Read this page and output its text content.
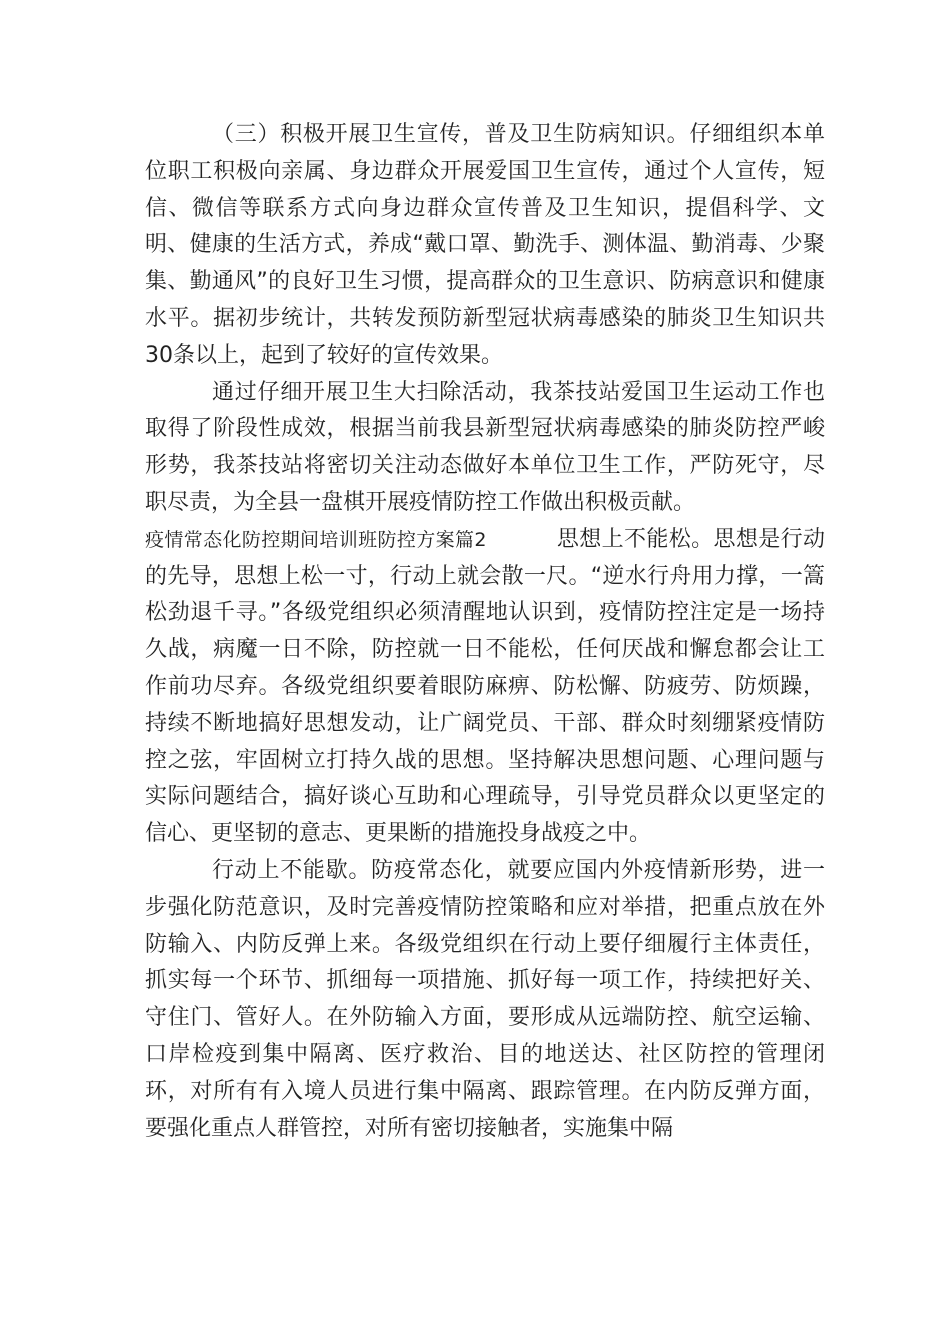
（三）积极开展卫生宣传，普及卫生防病知识。仔细组织本单位职工积极向亲属、身边群众开展爱国卫生宣传，通过个人宣传，短信、微信等联系方式向身边群众宣传普及卫生知识，提倡科学、文明、健康的生活方式，养成“戴口罩、勤洗手、测体温、勤消毒、少聚集、勤通风”的良好卫生习惯，提高群众的卫生意识、防病意识和健康水平。据初步统计，共转发预防新型冠状病毒感染的肺炎卫生知识共30条以上，起到了较好的宣传效果。

通过仔细开展卫生大扫除活动，我茶技站爱国卫生运动工作也取得了阶段性成效，根据当前我县新型冠状病毒感染的肺炎防控严峻形势，我茶技站将密切关注动态做好本单位卫生工作，严防死守，尽职尽责，为全县一盘棋开展疫情防控工作做出积极贡献。

疫情常态化防控期间培训班防控方案篇2	思想上不能松。思想是行动的先导，思想上松一寸，行动上就会散一尺。“逆水行舟用力撑，一篙松劲退千寻。”各级党组织必须清醒地认识到，疫情防控注定是一场持久战，病魔一日不除，防控就一日不能松，任何厌战和懈怠都会让工作前功尽弃。各级党组织要着眼防麻痹、防松懈、防疲劳、防烦躁，持续不断地搞好思想发动，让广阔党员、干部、群众时刻绷紧疫情防控之弦，牢固树立打持久战的思想。坚持解决思想问题、心理问题与实际问题结合，搞好谈心互助和心理疏导，引导党员群众以更坚定的信心、更坚韧的意志、更果断的措施投身战疫之中。

行动上不能歇。防疫常态化，就要应国内外疫情新形势，进一步强化防范意识，及时完善疫情防控策略和应对举措，把重点放在外防输入、内防反弹上来。各级党组织在行动上要仔细履行主体责任，抓实每一个环节、抓细每一项措施、抓好每一项工作，持续把好关、守住门、管好人。在外防输入方面，要形成从远端防控、航空运输、口岸检疫到集中隔离、医疗救治、目的地送达、社区防控的管理闭环，对所有有入境人员进行集中隔离、跟踪管理。在内防反弹方面，要强化重点人群管控，对所有密切接触者，实施集中隔
